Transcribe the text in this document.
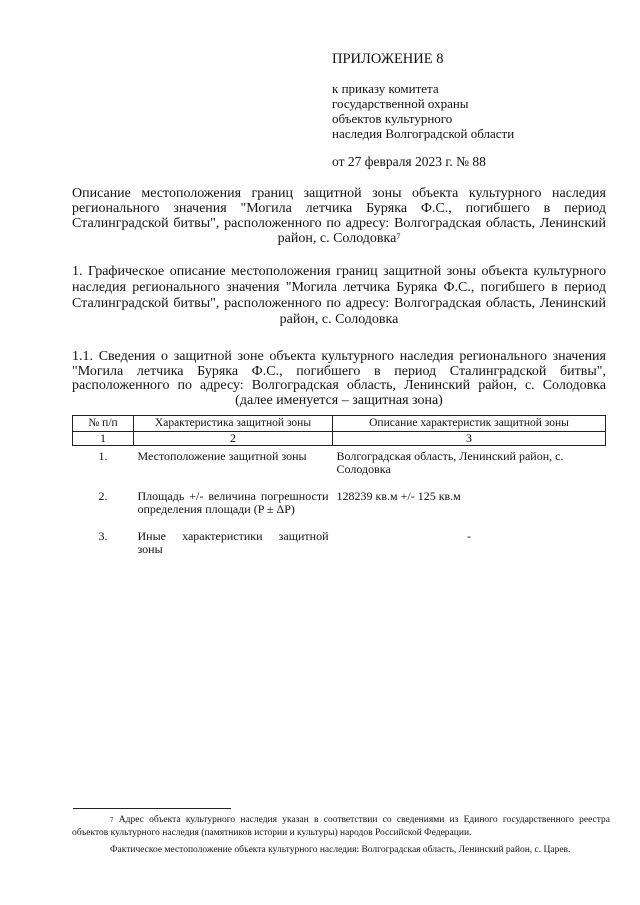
ПРИЛОЖЕНИЕ 8
к приказу комитета
государственной охраны
объектов культурного
наследия Волгоградской области
от 27 февраля 2023 г. № 88
Описание местоположения границ защитной зоны объекта культурного наследия регионального значения "Могила летчика Буряка Ф.С., погибшего в период Сталинградской битвы", расположенного по адресу: Волгоградская область, Ленинский район, с. Солодовка$^7$
1. Графическое описание местоположения границ защитной зоны объекта культурного наследия регионального значения "Могила летчика Буряка Ф.С., погибшего в период Сталинградской битвы", расположенного по адресу: Волгоградская область, Ленинский район, с. Солодовка
1.1. Сведения о защитной зоне объекта культурного наследия регионального значения "Могила летчика Буряка Ф.С., погибшего в период Сталинградской битвы", расположенного по адресу: Волгоградская область, Ленинский район, с. Солодовка (далее именуется – защитная зона)
№ п/п	Характеристика защитной зоны	Описание характеристик защитной зоны
1	2	3
1.	Местоположение защитной зоны	Волгоградская область, Ленинский район, с. Солодовка
2.	Площадь +/- величина погрешности определения площади (P ± ΔP)	128239 кв.м +/- 125 кв.м
3.	Иные характеристики защитной зоны	-

$^7$ Адрес объекта культурного наследия указан в соответствии со сведениями из Единого государственного реестра объектов культурного наследия (памятников истории и культуры) народов Российской Федерации.

Фактическое местоположение объекта культурного наследия: Волгоградская область, Ленинский район, с. Царев.
